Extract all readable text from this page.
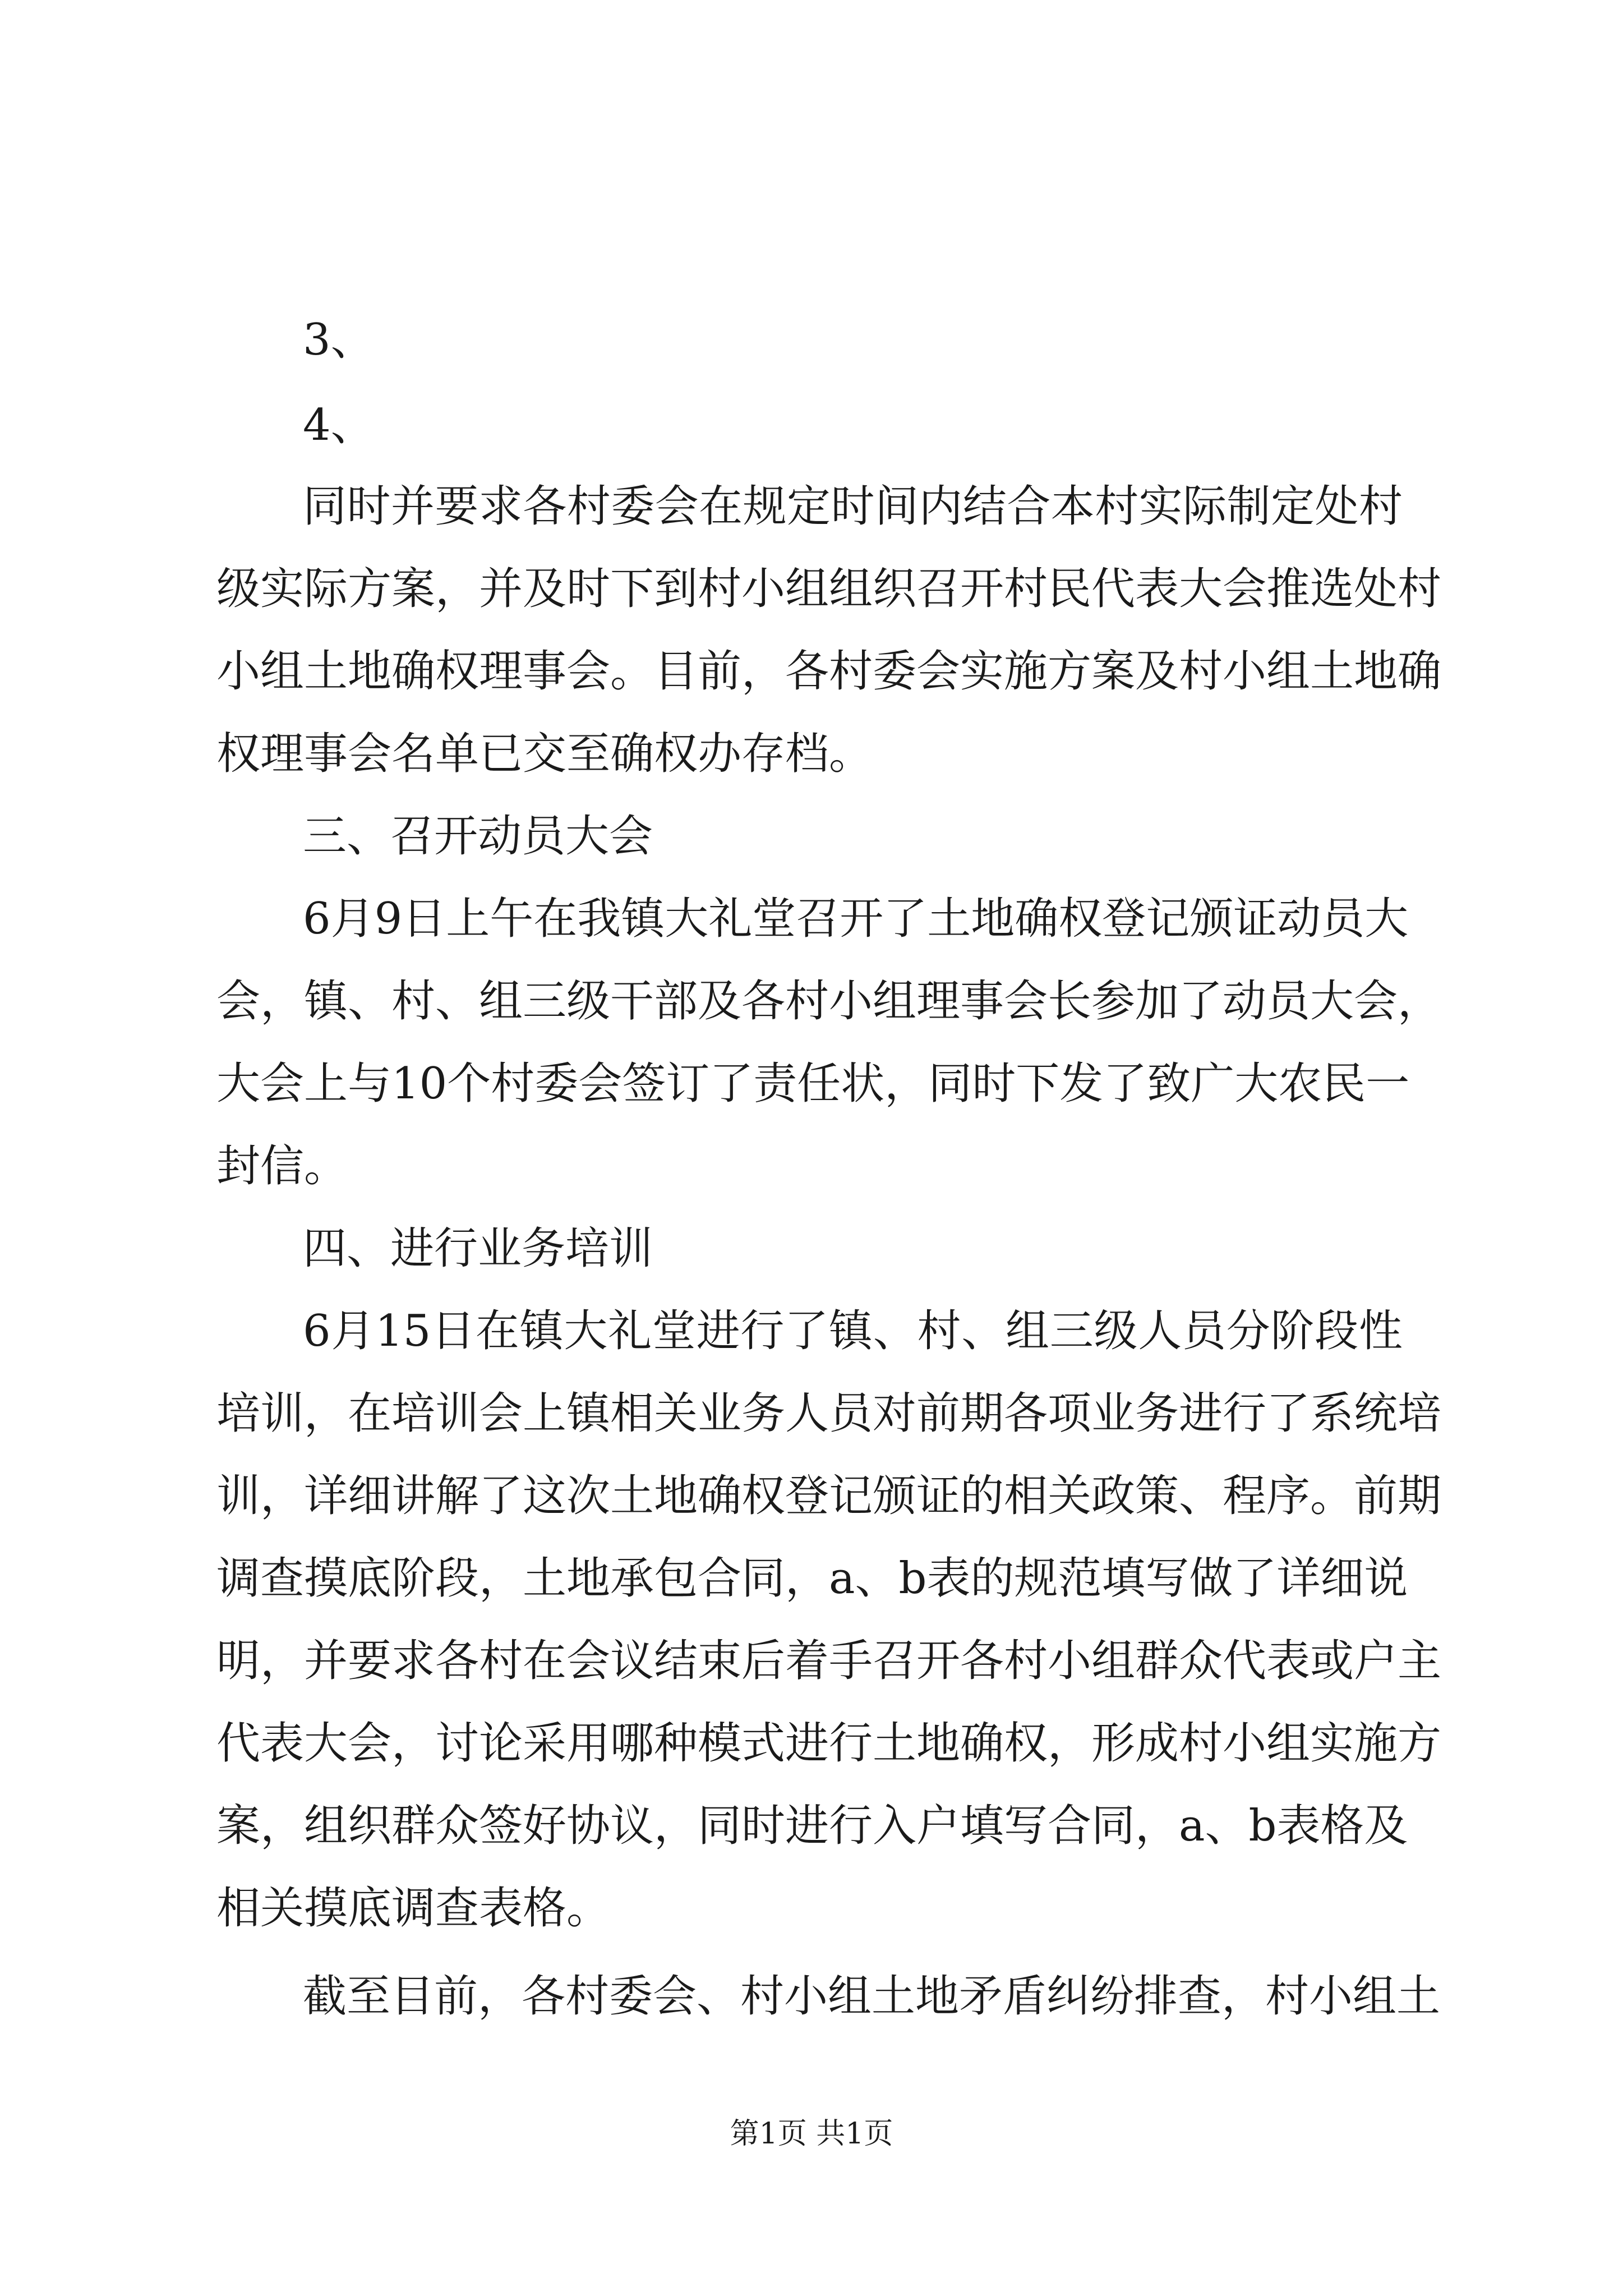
3、
4、
同时并要求各村委会在规定时间内结合本村实际制定处村
级实际方案，并及时下到村小组组织召开村民代表大会推选处村
小组土地确权理事会。目前，各村委会实施方案及村小组土地确
权理事会名单已交至确权办存档。
三、召开动员大会
6月9日上午在我镇大礼堂召开了土地确权登记颁证动员大
会，镇、村、组三级干部及各村小组理事会长参加了动员大会，
大会上与10个村委会签订了责任状，同时下发了致广大农民一
封信。
四、进行业务培训
6月15日在镇大礼堂进行了镇、村、组三级人员分阶段性
培训，在培训会上镇相关业务人员对前期各项业务进行了系统培
训，详细讲解了这次土地确权登记颁证的相关政策、程序。前期
调查摸底阶段，土地承包合同，a、b表的规范填写做了详细说
明，并要求各村在会议结束后着手召开各村小组群众代表或户主
代表大会，讨论采用哪种模式进行土地确权，形成村小组实施方
案，组织群众签好协议，同时进行入户填写合同，a、b表格及
相关摸底调查表格。
截至目前，各村委会、村小组土地矛盾纠纷排查，村小组土
第1页 共1页
